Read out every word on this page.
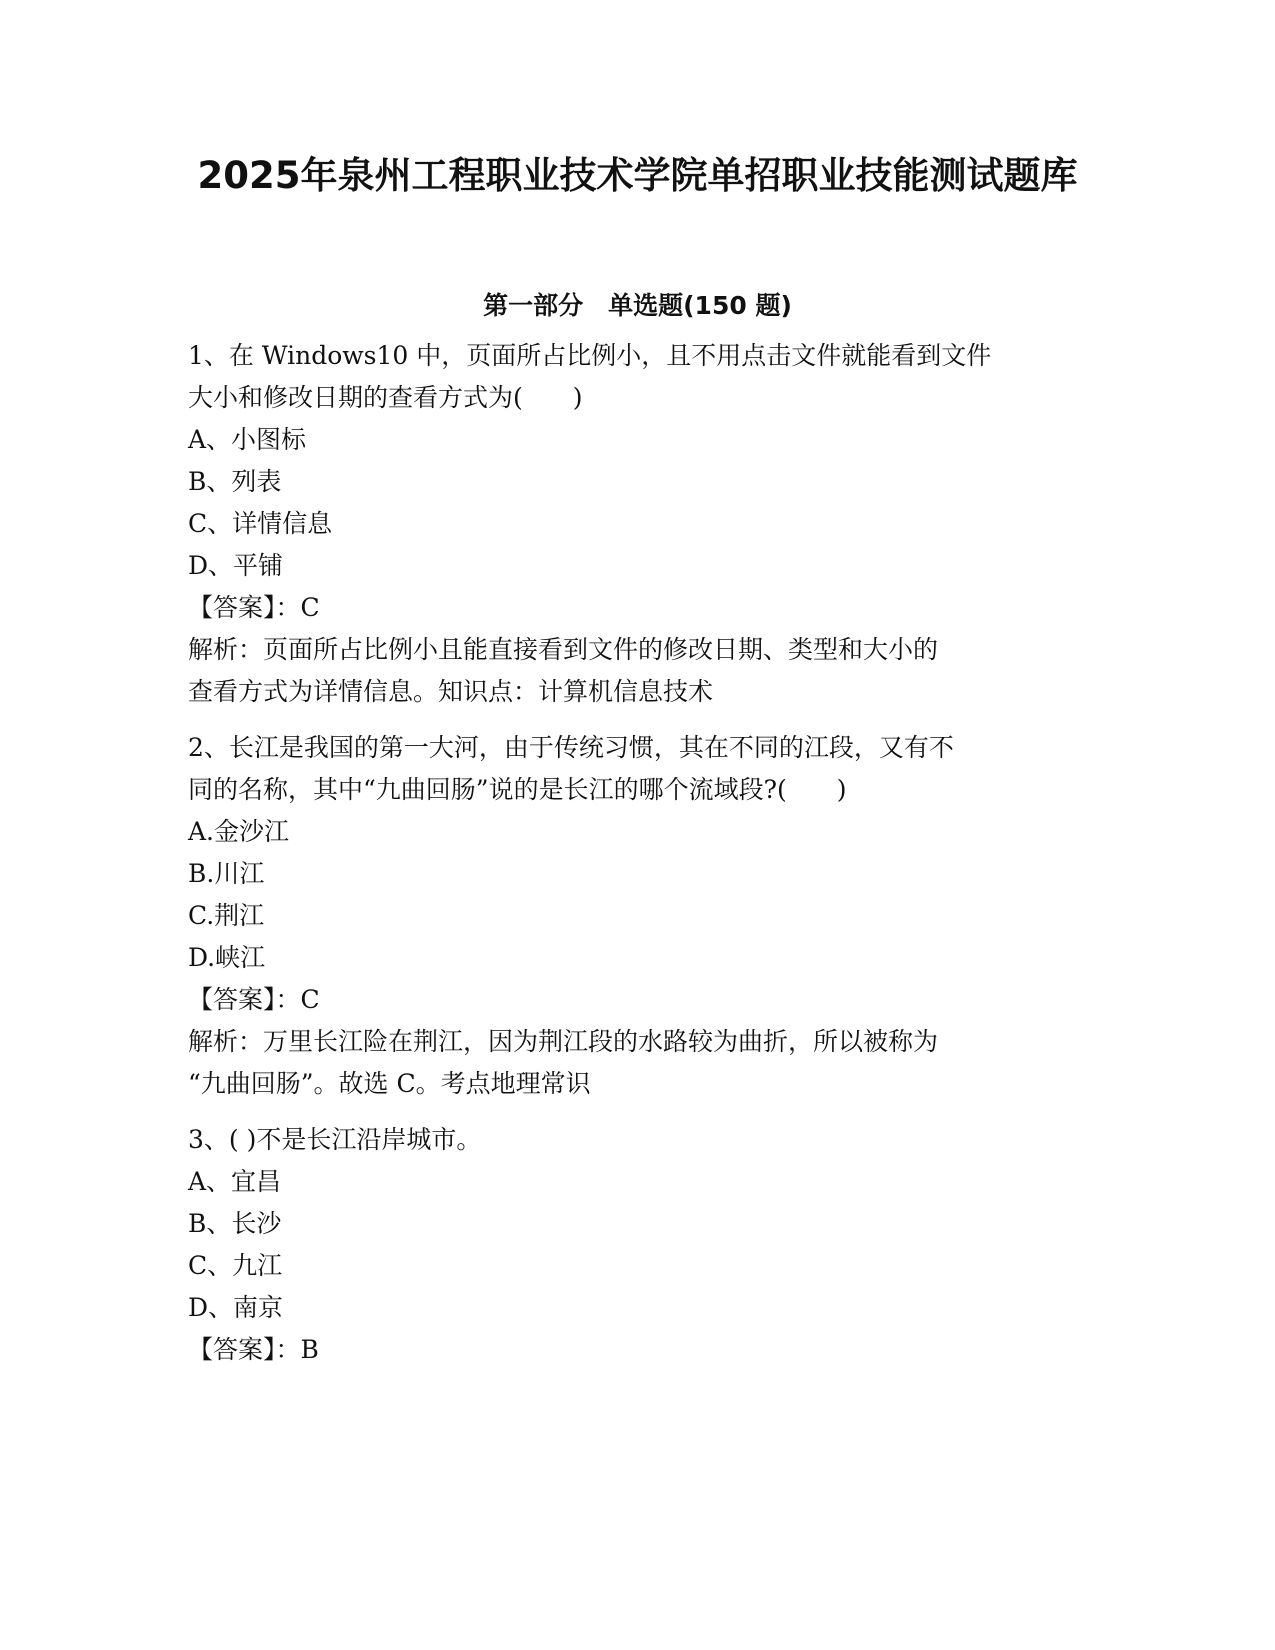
2025年泉州工程职业技术学院单招职业技能测试题库
第一部分　单选题(150 题)
1、在 Windows10 中，页面所占比例小，且不用点击文件就能看到文件
大小和修改日期的查看方式为(　　)
A、小图标
B、列表
C、详情信息
D、平铺
【答案】：C
解析：页面所占比例小且能直接看到文件的修改日期、类型和大小的
查看方式为详情信息。知识点：计算机信息技术
2、长江是我国的第一大河，由于传统习惯，其在不同的江段，又有不
同的名称，其中“九曲回肠”说的是长江的哪个流域段?(　　)
A.金沙江
B.川江
C.荆江
D.峡江
【答案】：C
解析：万里长江险在荆江，因为荆江段的水路较为曲折，所以被称为
“九曲回肠”。故选 C。考点地理常识
3、( )不是长江沿岸城市。
A、宜昌
B、长沙
C、九江
D、南京
【答案】：B
